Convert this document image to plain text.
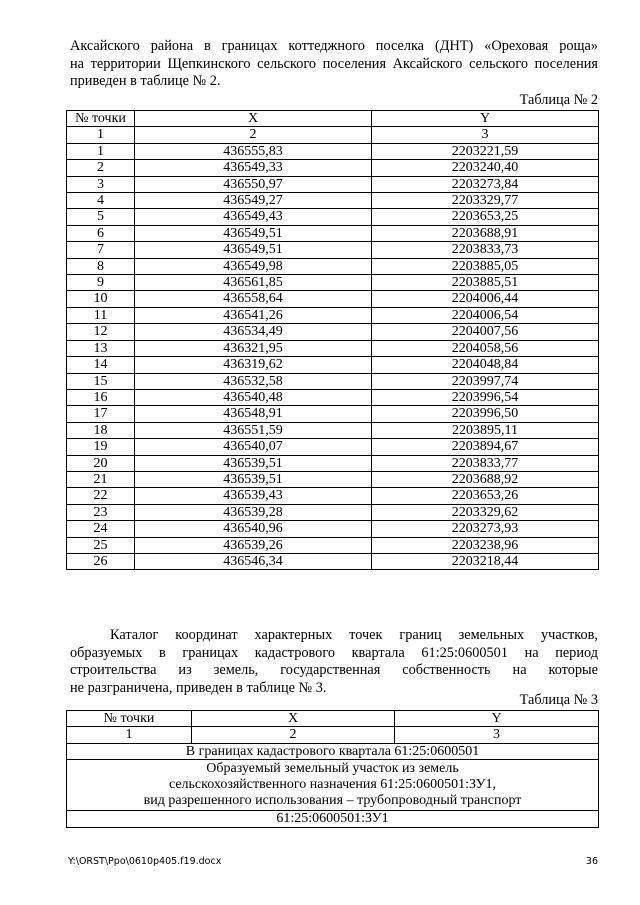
Аксайского района в границах коттеджного поселка (ДНТ) «Ореховая роща»
на территории Щепкинского сельского поселения Аксайского сельского поселения
приведен в таблице № 2.
Таблица № 2
№ точки	X	Y
1	2	3
1	436555,83	2203221,59
2	436549,33	2203240,40
3	436550,97	2203273,84
4	436549,27	2203329,77
5	436549,43	2203653,25
6	436549,51	2203688,91
7	436549,51	2203833,73
8	436549,98	2203885,05
9	436561,85	2203885,51
10	436558,64	2204006,44
11	436541,26	2204006,54
12	436534,49	2204007,56
13	436321,95	2204058,56
14	436319,62	2204048,84
15	436532,58	2203997,74
16	436540,48	2203996,54
17	436548,91	2203996,50
18	436551,59	2203895,11
19	436540,07	2203894,67
20	436539,51	2203833,77
21	436539,51	2203688,92
22	436539,43	2203653,26
23	436539,28	2203329,62
24	436540,96	2203273,93
25	436539,26	2203238,96
26	436546,34	2203218,44
Каталог координат характерных точек границ земельных участков,
образуемых в границах кадастрового квартала 61:25:0600501 на период
строительства из земель, государственная собственность на которые
не разграничена, приведен в таблице № 3.
Таблица № 3
№ точки	X	Y
1	2	3
В границах кадастрового квартала 61:25:0600501		

Образуемый земельный участок из земель
сельскохозяйственного назначения 61:25:0600501:ЗУ1,
вид разрешенного использования – трубопроводный транспорт		

61:25:0600501:ЗУ1		
Y:\ORST\Ppo\0610p405.f19.docx	36
